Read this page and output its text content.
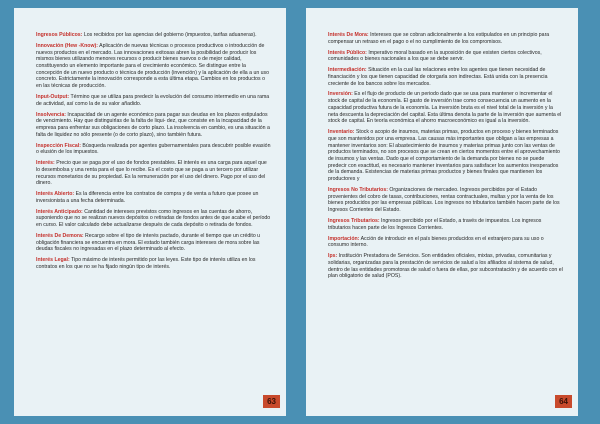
Ingresos Públicos: Los recibidos por las agencias del gobierno (impuestos, tarifas aduaneras).

Innovación (Hew -Know): Aplicación de nuevas técnicas o procesos productivos o introducción de nuevos productos en el mercado. Las innovaciones exitosas abren la posibilidad de producir los mismos bienes utilizando menores recursos o producir bienes nuevos o de mejor calidad, constituyendo un elemento importante para el crecimiento económico. Se distingue entre la concepción de un nuevo producto o técnica de producción (invención) y la aplicación de ella a un uso concreto. Estrictamente la innovación corresponde a esta última etapa. Cambios en los productos o en las técnicas de producción.

Input-Output: Término que se utiliza para predecir la evolución del consumo intermedio en una rama de actividad, así como la de su valor añadido.

Insolvencia: Incapacidad de un agente económico para pagar sus deudas en los plazos estipulados de vencimiento. Hay que distinguirlas de la falta de liqui- dez, que consiste en la incapacidad de la empresa para enfrentar sus obligaciones de corto plazo. La insolvencia en cambio, es una situación a falta de liquidez no sólo presente (o de corto plazo), sino también futura.

Inspección Fiscal: Búsqueda realizada por agentes gubernamentales para descubrir posible evasión o elusión de los impuestos.

Interés: Precio que se paga por el uso de fondos prestables. El interés es una carga para aquel que lo desembolsa y una renta para el que lo recibe. Es el costo que se paga a un tercero por utilizar recursos monetarios de su propiedad. Es la remuneración por el uso del dinero. Pago por el uso del dinero.

Interés Abierto: Es la diferencia entre los contratos de compra y de venta a futuro que posee un inversionista a una fecha determinada.

Interés Anticipado: Cantidad de intereses previstos como ingresos en las cuentas de ahorro, suponiendo que no se realizan nuevos depósitos o retiradas de fondos antes de que acabe el período en curso. El valor calculado debe actualizarse después de cada depósito o retirada de fondos.

Interés De Demora: Recargo sobre el tipo de interés pactado, durante el tiempo que un crédito u obligación financiera se encuentra en mora. El estado también carga intereses de mora sobre las deudas fiscales no ingresadas en el plazo determinado al efecto.

Interés Legal: Tipo máximo de interés permitido por las leyes. Este tipo de interés utiliza en los contratos en los que no se ha fijado ningún tipo de interés.

63

Interés De Mora: Intereses que se cobran adicionalmente a los estipulados en un principio para compensar un retraso en el pago o el no cumplimiento de los compromisos.

Interés Público: Imperativo moral basado en la suposición de que existen ciertos colectivos, comunidades o bienes nacionales a los que se debe servir.

Intermediación: Situación en la cual las relaciones entre los agentes que tienen necesidad de financiación y los que tienen capacidad de otorgarla son indirectas. Está unida con la presencia creciente de los bancos sobre los mercados.

Inversión: Es el flujo de producto de un periodo dado que se usa para mantener o incrementar el stock de capital de la economía. El gasto de inversión trae como consecuencia un aumento en la capacidad productiva futura de la economía. La inversión bruta es el nivel total de la inversión y la neta descuenta la depreciación del capital. Esta última denota la parte de la inversión que aumenta el stock de capital. En teoría económica el ahorro macroeconómico es igual a la inversión.

Inventario: Stock o acopio de insumos, materias primas, productos en proceso y bienes terminados que son mantenidos por una empresa. Las causas más importantes que obligan a las empresas a mantener inventarios son: El abastecimiento de insumos y materias primas junto con las ventas de productos terminados, no son procesos que se crean en ciertos momentos entre el aprovechamiento de insumos y las ventas. Dado que el comportamiento de la demanda por bienes no se puede predecir con exactitud, es necesario mantener inventarios para satisfacer los aumentos inesperados de la demanda. Existencias de materias primas productos y bienes finales que mantienen los productores y

Ingresos No Tributarios: Organizaciones de mercadeo. Ingresos percibidos por el Estado provenientes del cobro de tasas, contribuciones, rentas contractuales, multas y por la venta de los bienes producidos por las empresas públicas. Los ingresos no tributarios también hacen parte de los Ingresos Corrientes del Estado.

Ingresos Tributarios: Ingresos percibido por el Estado, a través de impuestos. Los ingresos tributarios hacen parte de los Ingresos Corrientes.

Importación: Acción de introducir en el país bienes producidos en el extranjero para su uso o consumo interno.

Ips: Institución Prestadora de Servicios. Son entidades oficiales, mixtas, privadas, comunitarias y solidarias, organizadas para la prestación de servicios de salud a los afiliados al sistema de salud, dentro de las entidades promotoras de salud o fuera de ellas, por subcontratación y de acuerdo con el plan obligatorio de salud (POS).

64
